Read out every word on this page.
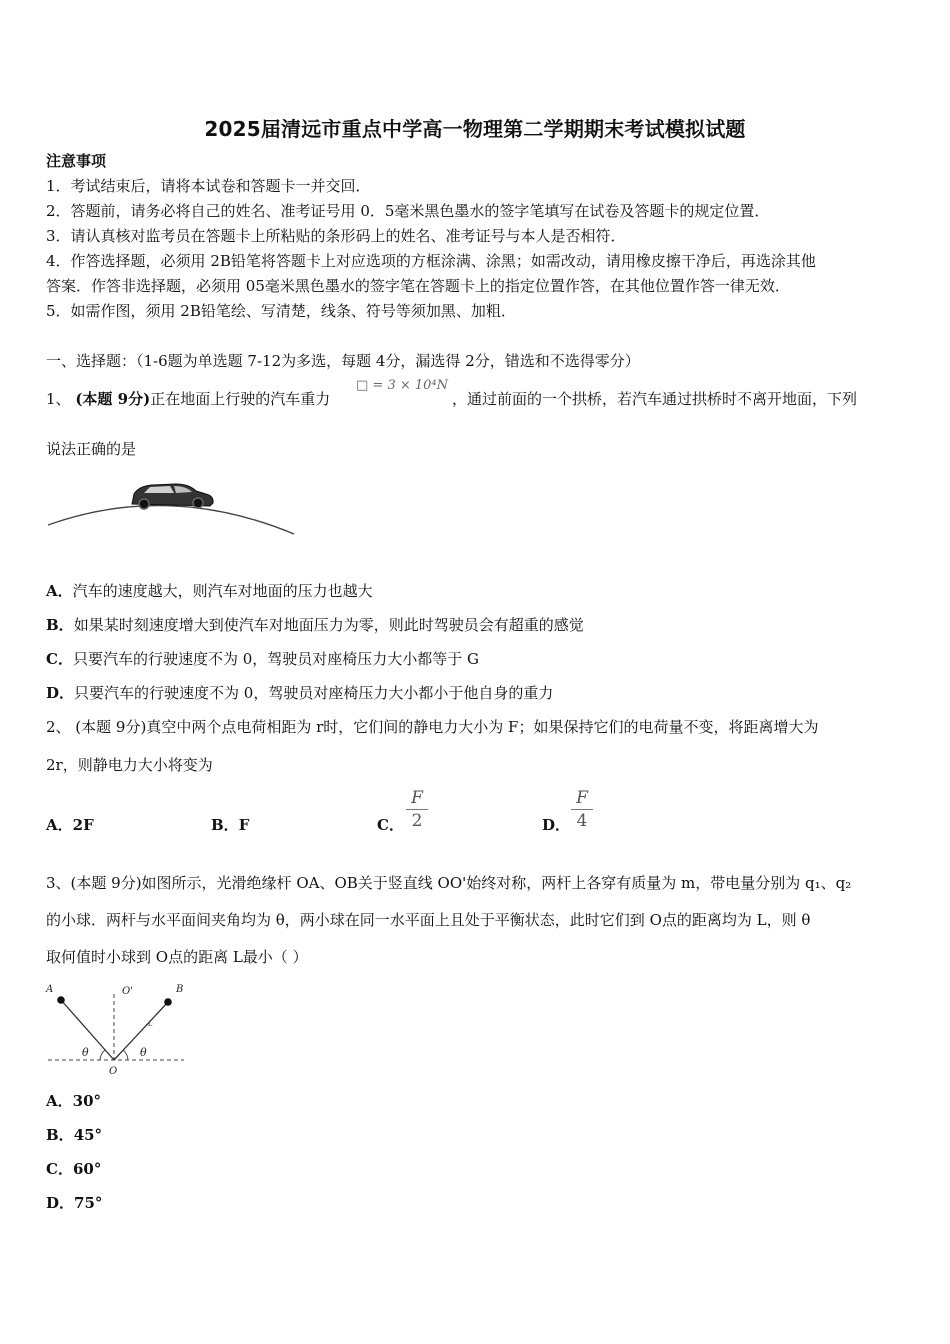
2025届清远市重点中学高一物理第二学期期末考试模拟试题
注意事项
1．考试结束后，请将本试卷和答题卡一并交回．
2．答题前，请务必将自己的姓名、准考证号用 0．5毫米黑色墨水的签字笔填写在试卷及答题卡的规定位置．
3．请认真核对监考员在答题卡上所粘贴的条形码上的姓名、准考证号与本人是否相符．
4．作答选择题，必须用 2B铅笔将答题卡上对应选项的方框涂满、涂黑；如需改动，请用橡皮擦干净后，再选涂其他
答案．作答非选择题，必须用 05毫米黑色墨水的签字笔在答题卡上的指定位置作答，在其他位置作答一律无效．
5．如需作图，须用 2B铅笔绘、写清楚，线条、符号等须加黑、加粗．
一、选择题：（1-6题为单选题 7-12为多选，每题 4分，漏选得 2分，错选和不选得零分）
1、 (本题 9分)正在地面上行驶的汽车重力
□ = 3 × 10⁴N
，通过前面的一个拱桥，若汽车通过拱桥时不离开地面，下列
说法正确的是
A．汽车的速度越大，则汽车对地面的压力也越大
B．如果某时刻速度增大到使汽车对地面压力为零，则此时驾驶员会有超重的感觉
C．只要汽车的行驶速度不为 0，驾驶员对座椅压力大小都等于 G
D．只要汽车的行驶速度不为 0，驾驶员对座椅压力大小都小于他自身的重力
2、 (本题 9分)真空中两个点电荷相距为 r时，它们间的静电力大小为 F；如果保持它们的电荷量不变，将距离增大为
2r，则静电力大小将变为
A．2F	B．F	C．
F
2	D．
F
4
3、(本题 9分)如图所示，光滑绝缘杆 OA、OB关于竖直线 OO'始终对称，两杆上各穿有质量为 m，带电量分别为 q₁、q₂
的小球．两杆与水平面间夹角均为 θ，两小球在同一水平面上且处于平衡状态，此时它们到 O点的距离均为 L，则 θ
取何值时小球到 O点的距离 L最小（ ）
A	B
O'
O
θ	θ
L
A．30°
B．45°
C．60°
D．75°
